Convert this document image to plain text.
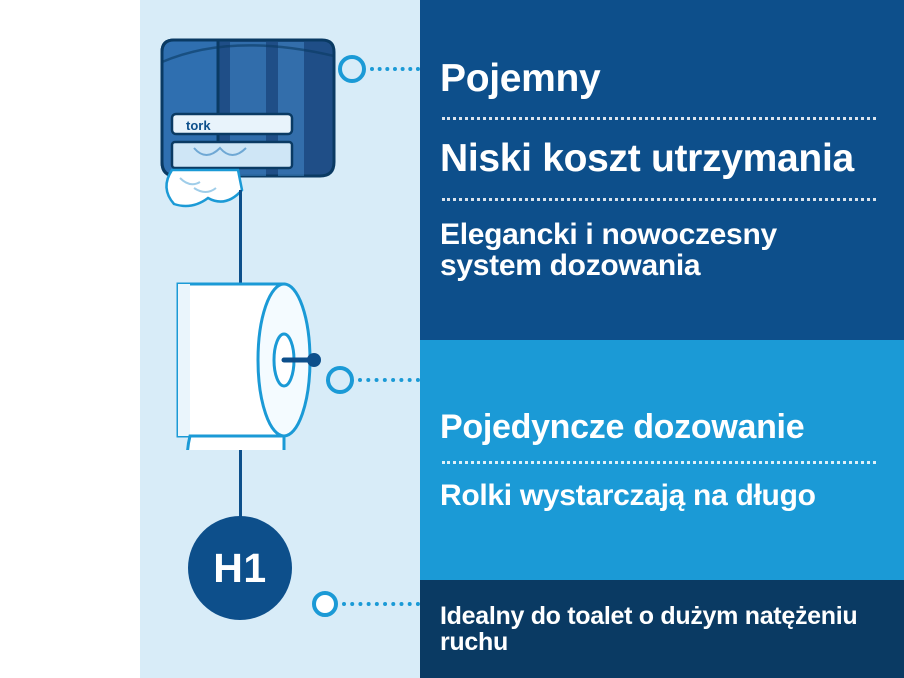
tork
H1
Pojemny
Niski koszt utrzymania
Elegancki i nowoczesny system dozowania
Pojedyncze dozowanie
Rolki wystarczają na długo
Idealny do toalet o dużym natężeniu ruchu
